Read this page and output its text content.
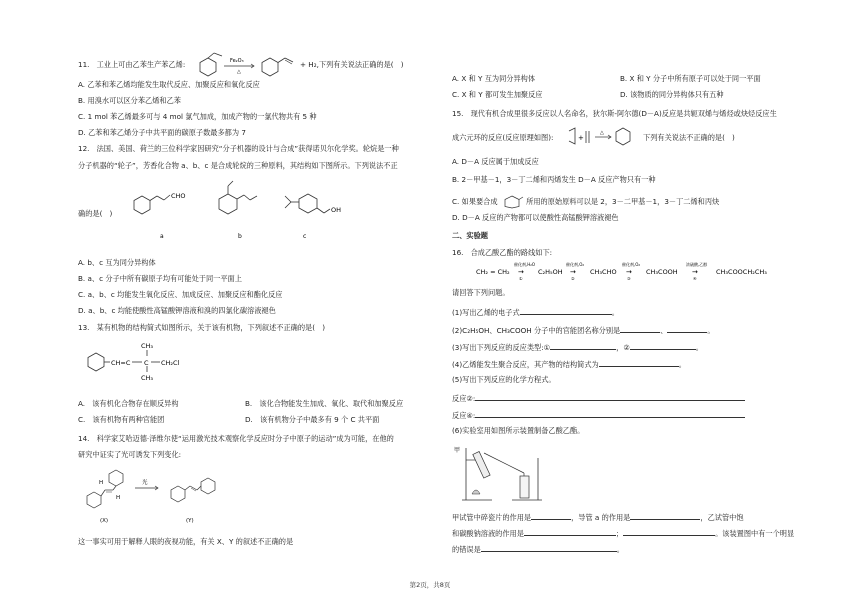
11.　工业上可由乙苯生产苯乙烯:	Fe₂O₃
△
+ H₂,下列有关说法正确的是(　)
A. 乙苯和苯乙烯均能发生取代反应、加聚反应和氧化反应
B. 用溴水可以区分苯乙烯和乙苯
C. 1 mol 苯乙烯最多可与 4 mol 氯气加成，加成产物的一氯代物共有 5 种
D. 乙苯和苯乙烯分子中共平面的碳原子数最多都为 7
12.　法国、美国、荷兰的三位科学家因研究“分子机器的设计与合成”获得诺贝尔化学奖。轮烷是一种
分子机器的“轮子”，芳香化合物 a、b、c 是合成轮烷的三种原料，其结构如下图所示。下列说法不正
确的是(　)
CHO
a	b
OH
c
A. b、c 互为同分异构体
B. a、c 分子中所有碳原子均有可能处于同一平面上
C. a、b、c 均能发生氧化反应、加成反应、加聚反应和酯化反应
D. a、b、c 均能使酸性高锰酸钾溶液和溴的四氯化碳溶液褪色
13.　某有机物的结构简式如图所示，关于该有机物，下列叙述不正确的是(　)
CH=C C
CH₃
CH₃
CH₂Cl
A.　该有机化合物存在顺反异构	B.　该化合物能发生加成、氧化、取代和加聚反应
C.　该有机物有两种官能团	D.　该有机物分子中最多有 9 个 C 共平面
14.　科学家艾哈迈德·泽维尔使“运用激光技术观察化学反应时分子中原子的运动”成为可能，在他的
研究中证实了光可诱发下列变化:
H
H
(X)
光
(Y)
这一事实可用于解释人眼的夜视功能，有关 X、Y 的叙述不正确的是
A. X 和 Y 互为同分异构体	B. X 和 Y 分子中所有原子可以处于同一平面
C. X 和 Y 都可发生加聚反应	D. 该物质的同分异构体只有五种
15.　现代有机合成里很多反应以人名命名，狄尔斯-阿尔德(D－A)反应是共轭双烯与烯烃或炔烃反应生
成六元环的反应(反应原理如图):	+
△	下列有关说法不正确的是(　)
A. D－A 反应属于加成反应
B. 2－甲基－1，3－丁二烯和丙烯发生 D－A 反应产物只有一种
C. 如果要合成	所用的原始原料可以是 2，3－二甲基－1，3－丁二烯和丙炔
D. D－A 反应的产物都可以使酸性高锰酸钾溶液褪色
二、实验题
16.　合成乙酸乙酯的路线如下:
CH₂ = CH₂
催化剂,H₂O
→
①
C₂H₅OH
催化剂,O₂
→
②
CH₃CHO
催化剂,O₂
→
③
CH₃COOH
浓硫酸,乙醇
→
④
CH₃COOCH₂CH₃
请回答下列问题。
(1)写出乙烯的电子式	。
(2)C₂H₅OH、CH₃COOH 分子中的官能团名称分别是	、	。
(3)写出下列反应的反应类型:①	，②	。
(4)乙烯能发生聚合反应，其产物的结构简式为	。
(5)写出下列反应的化学方程式。
反应②:
反应④:
(6)实验室用如图所示装置制备乙酸乙酯。
甲
甲试管中碎瓷片的作用是	，导管 a 的作用是	，乙试管中饱
和碳酸钠溶液的作用是	；	。该装置图中有一个明显
的错误是	。
第2页，共8页
